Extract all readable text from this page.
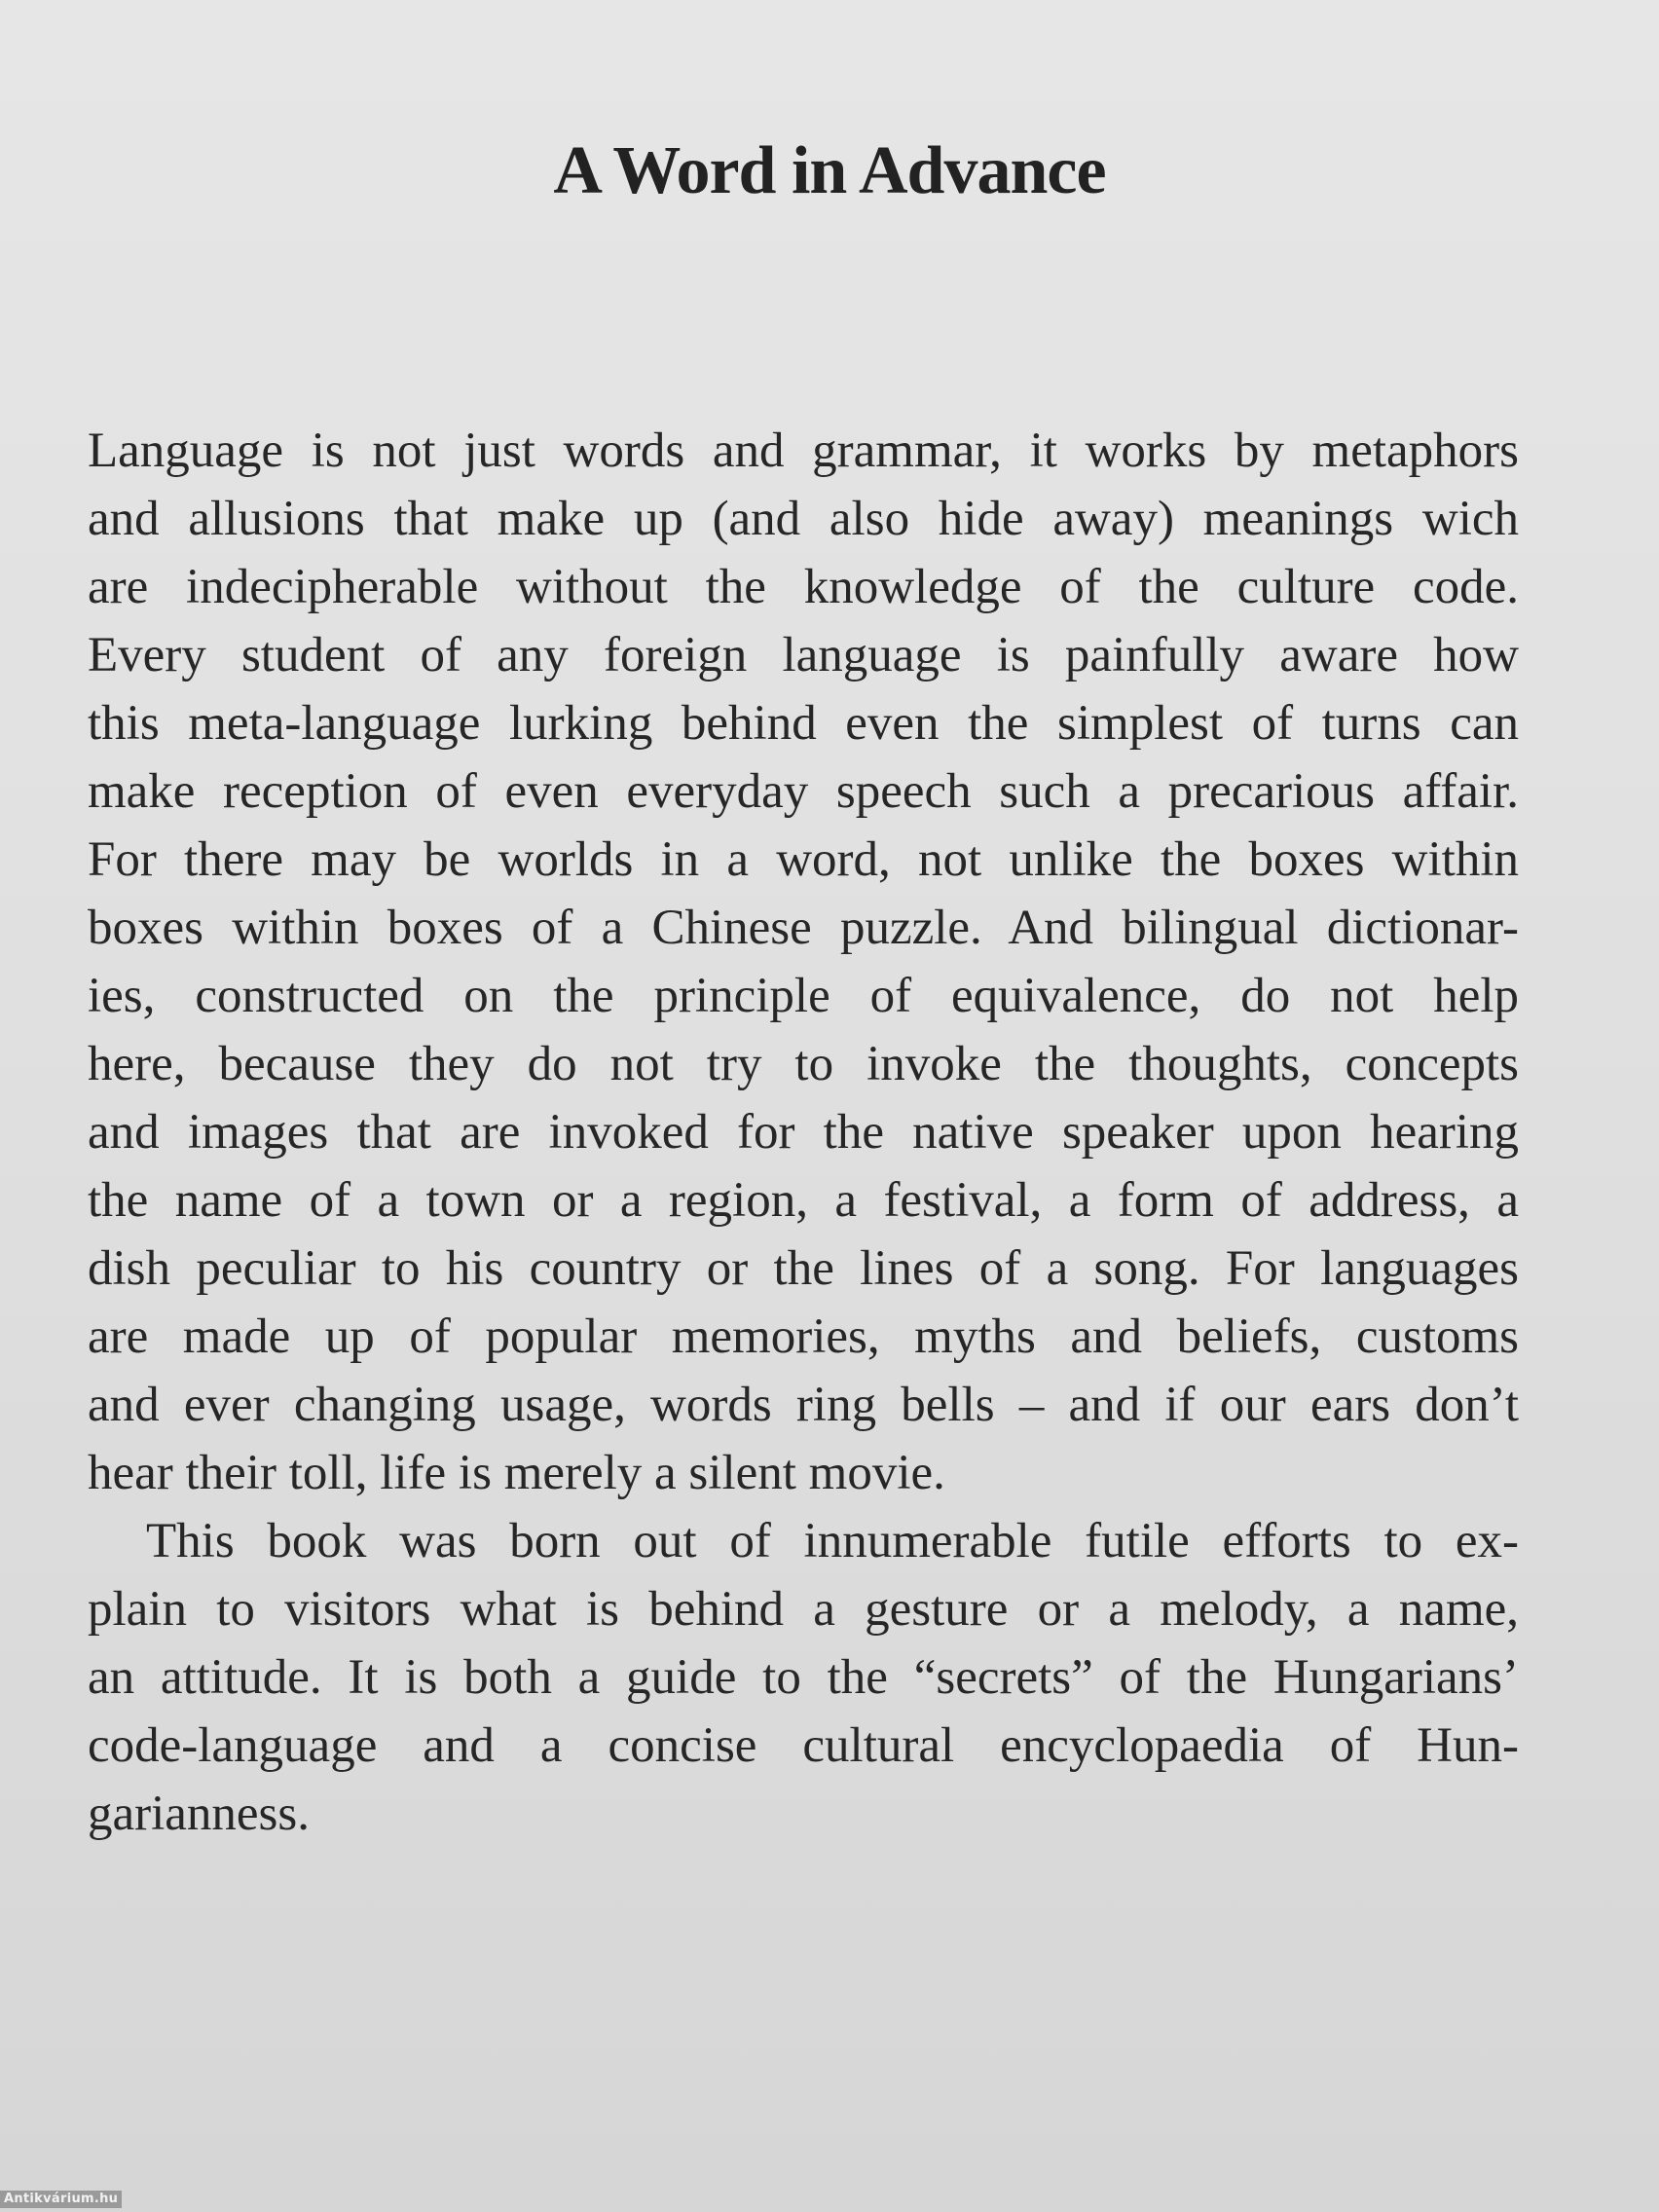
A Word in Advance
Language is not just words and grammar, it works by metaphors
and allusions that make up (and also hide away) meanings wich
are indecipherable without the knowledge of the culture code.
Every student of any foreign language is painfully aware how
this meta-language lurking behind even the simplest of turns can
make reception of even everyday speech such a precarious affair.
For there may be worlds in a word, not unlike the boxes within
boxes within boxes of a Chinese puzzle. And bilingual dictionar-
ies, constructed on the principle of equivalence, do not help
here, because they do not try to invoke the thoughts, concepts
and images that are invoked for the native speaker upon hearing
the name of a town or a region, a festival, a form of address, a
dish peculiar to his country or the lines of a song. For languages
are made up of popular memories, myths and beliefs, customs
and ever changing usage, words ring bells – and if our ears don’t
hear their toll, life is merely a silent movie.
This book was born out of innumerable futile efforts to ex-
plain to visitors what is behind a gesture or a melody, a name,
an attitude. It is both a guide to the “secrets” of the Hungarians’
code-language and a concise cultural encyclopaedia of Hun-
garianness.
Antikvárium.hu
